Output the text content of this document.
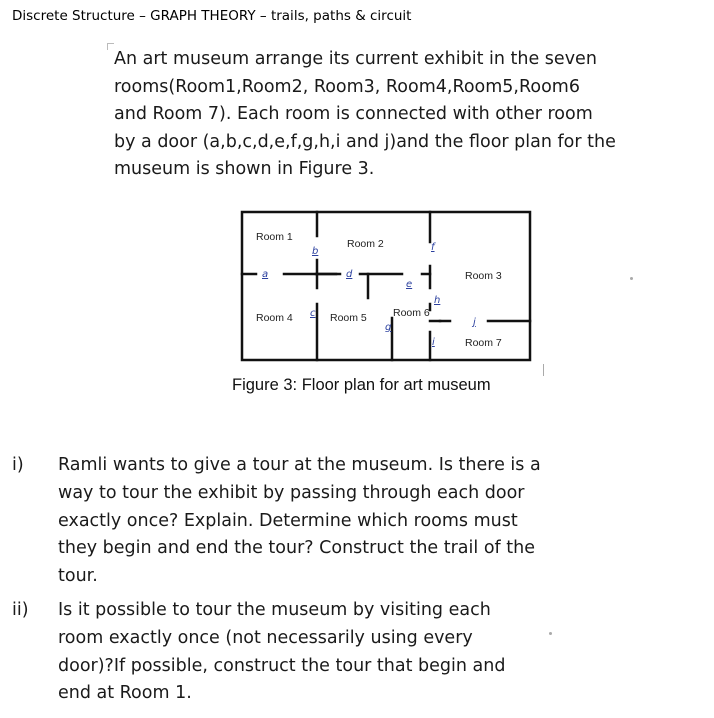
Discrete Structure – GRAPH THEORY – trails, paths & circuit

An art museum arrange its current exhibit in the seven

rooms(Room1,Room2, Room3, Room4,Room5,Room6

and Room 7). Each room is connected with other room

by a door (a,b,c,d,e,f,g,h,i and j)and the floor plan for the

museum is shown in Figure 3.

Room 1
Room 2
Room 3
Room 4	Room 5 Room 6
Room 7
a
b
c
d
e
f
g
h
i
j
Figure 3: Floor plan for art museum
i) Ramli wants to give a tour at the museum. Is there is a
way to tour the exhibit by passing through each door
exactly once? Explain. Determine which rooms must
they begin and end the tour? Construct the trail of the
tour.
ii) Is it possible to tour the museum by visiting each
room exactly once (not necessarily using every
door)?If possible, construct the tour that begin and
end at Room 1.
